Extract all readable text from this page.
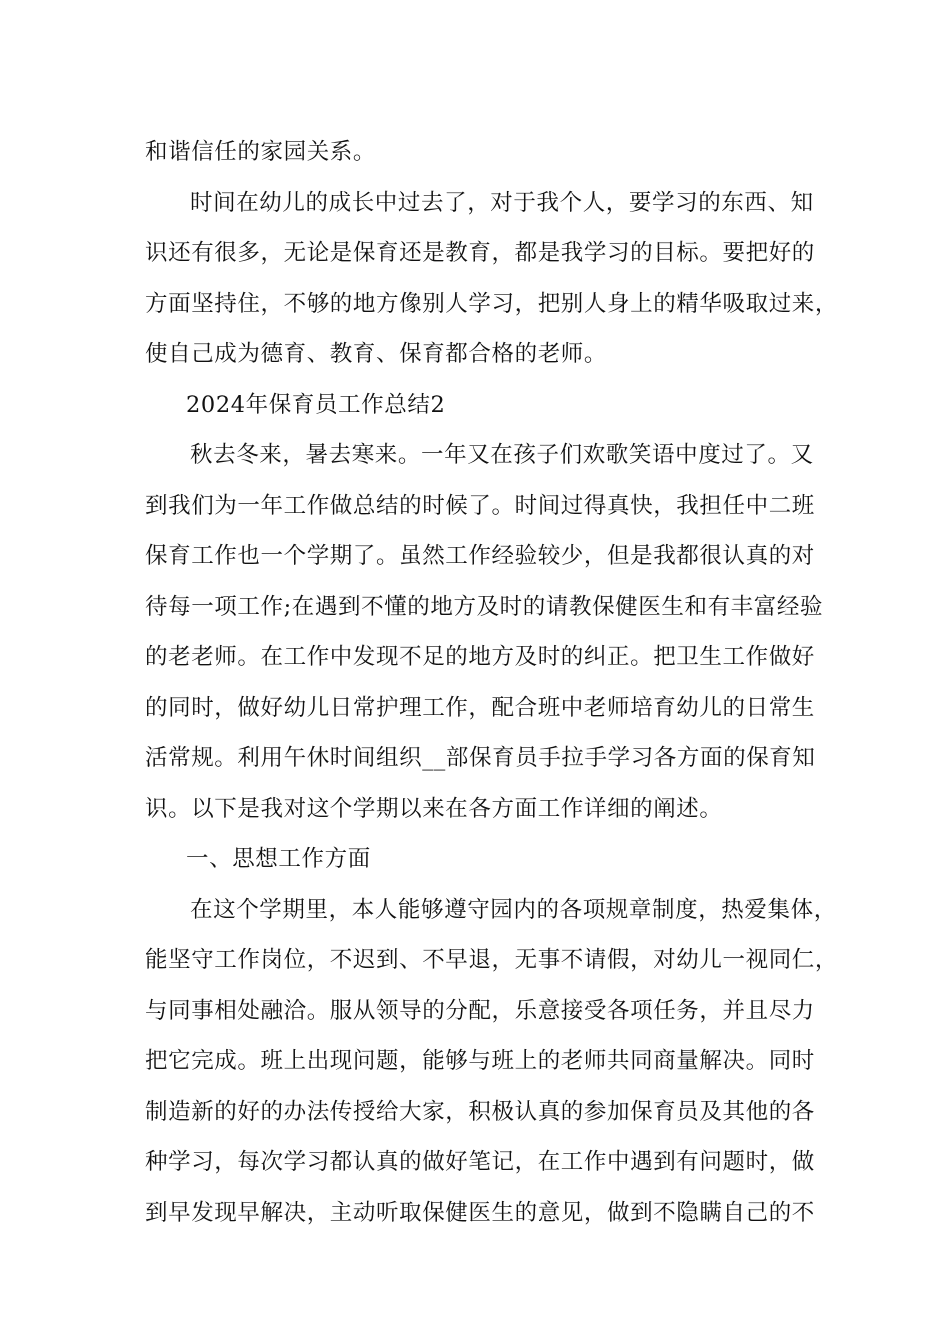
和谐信任的家园关系。
时间在幼儿的成长中过去了，对于我个人，要学习的东西、知
识还有很多，无论是保育还是教育，都是我学习的目标。要把好的
方面坚持住，不够的地方像别人学习，把别人身上的精华吸取过来，
使自己成为德育、教育、保育都合格的老师。
2024年保育员工作总结2
秋去冬来，暑去寒来。一年又在孩子们欢歌笑语中度过了。又
到我们为一年工作做总结的时候了。时间过得真快，我担任中二班
保育工作也一个学期了。虽然工作经验较少，但是我都很认真的对
待每一项工作;在遇到不懂的地方及时的请教保健医生和有丰富经验
的老老师。在工作中发现不足的地方及时的纠正。把卫生工作做好
的同时，做好幼儿日常护理工作，配合班中老师培育幼儿的日常生
活常规。利用午休时间组织__部保育员手拉手学习各方面的保育知
识。以下是我对这个学期以来在各方面工作详细的阐述。
一、思想工作方面
在这个学期里，本人能够遵守园内的各项规章制度，热爱集体，
能坚守工作岗位，不迟到、不早退，无事不请假，对幼儿一视同仁，
与同事相处融洽。服从领导的分配，乐意接受各项任务，并且尽力
把它完成。班上出现问题，能够与班上的老师共同商量解决。同时
制造新的好的办法传授给大家，积极认真的参加保育员及其他的各
种学习，每次学习都认真的做好笔记，在工作中遇到有问题时，做
到早发现早解决，主动听取保健医生的意见，做到不隐瞒自己的不
